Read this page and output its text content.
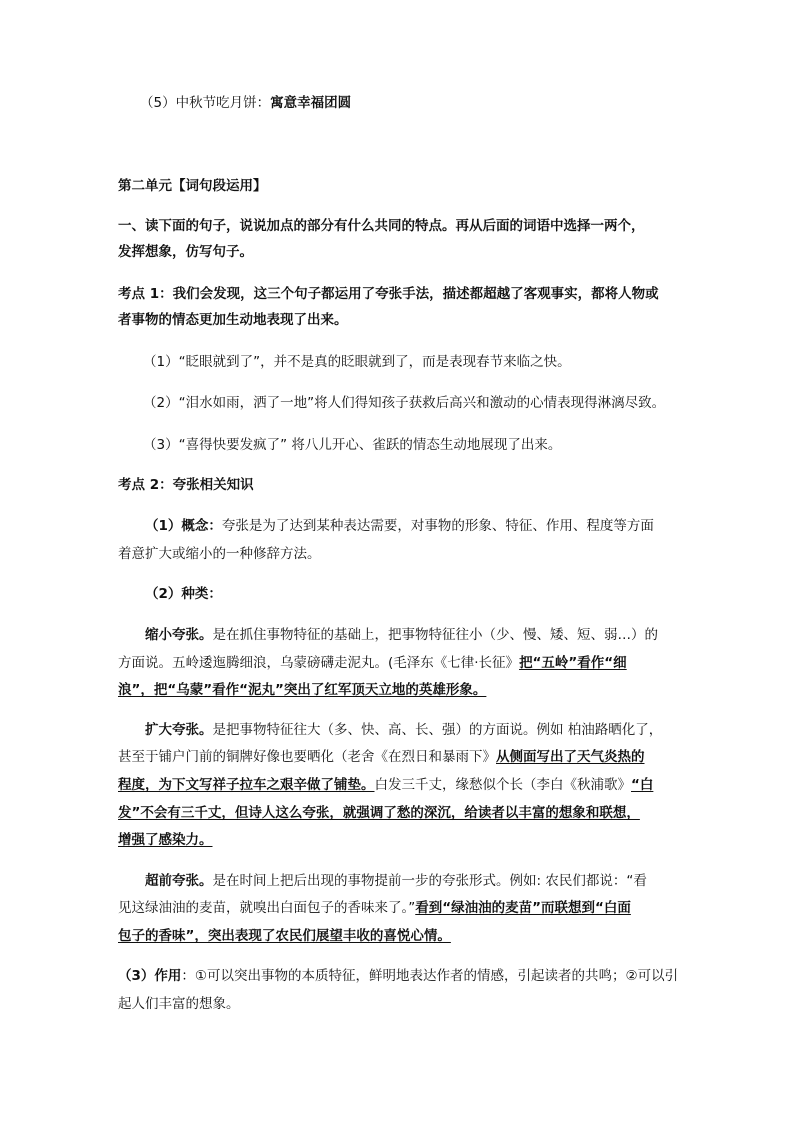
（5）中秋节吃月饼：寓意幸福团圆

第二单元【词句段运用】

一、读下面的句子，说说加点的部分有什么共同的特点。再从后面的词语中选择一两个，

发挥想象，仿写句子。

考点 1：我们会发现，这三个句子都运用了夸张手法，描述都超越了客观事实，都将人物或

者事物的情态更加生动地表现了出来。

（1）“眨眼就到了”，并不是真的眨眼就到了，而是表现春节来临之快。

（2）“泪水如雨，洒了一地”将人们得知孩子获救后高兴和激动的心情表现得淋漓尽致。

（3）“喜得快要发疯了” 将八儿开心、雀跃的情态生动地展现了出来。

考点 2：夸张相关知识

（1）概念：夸张是为了达到某种表达需要，对事物的形象、特征、作用、程度等方面

着意扩大或缩小的一种修辞方法。

（2）种类：

缩小夸张。是在抓住事物特征的基础上，把事物特征往小（少、慢、矮、短、弱…）的

方面说。五岭逶迤腾细浪，乌蒙磅礴走泥丸。(毛泽东《七律·长征》把“五岭”看作“细

浪”，把“乌蒙”看作“泥丸”突出了红军顶天立地的英雄形象。

扩大夸张。是把事物特征往大（多、快、高、长、强）的方面说。例如 柏油路晒化了，

甚至于铺户门前的铜牌好像也要晒化（老舍《在烈日和暴雨下》从侧面写出了天气炎热的

程度，为下文写祥子拉车之艰辛做了铺垫。白发三千丈，缘愁似个长（李白《秋浦歌》“白

发”不会有三千丈，但诗人这么夸张，就强调了愁的深沉，给读者以丰富的想象和联想，

增强了感染力。

超前夸张。是在时间上把后出现的事物提前一步的夸张形式。例如: 农民们都说：“看

见这绿油油的麦苗，就嗅出白面包子的香味来了。”看到“绿油油的麦苗”而联想到“白面

包子的香味”，突出表现了农民们展望丰收的喜悦心情。

（3）作用：①可以突出事物的本质特征，鲜明地表达作者的情感，引起读者的共鸣；②可以引

起人们丰富的想象。
